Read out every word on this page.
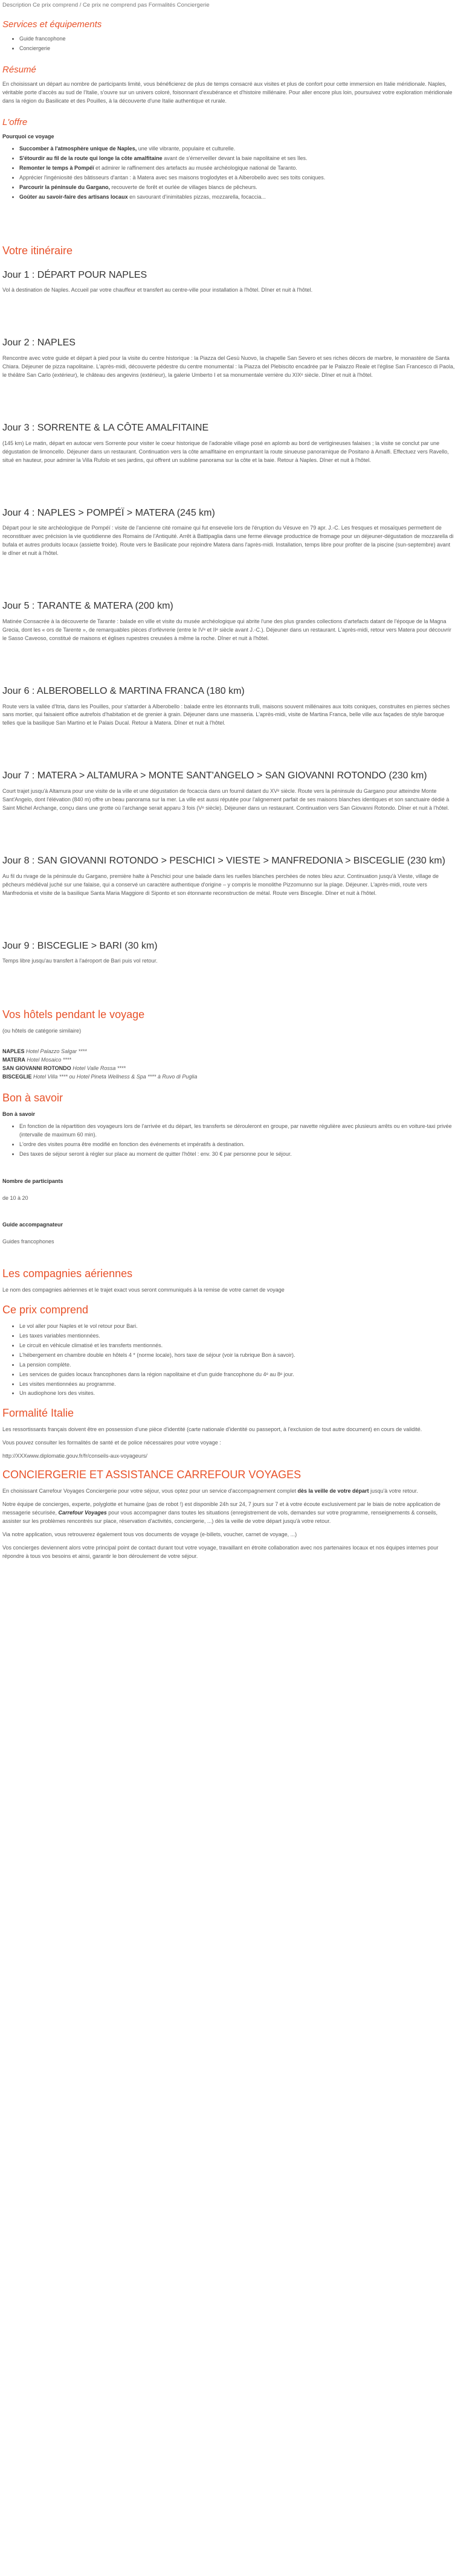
Description Ce prix comprend / Ce prix ne comprend pas Formalités Conciergerie
Services et équipements
• Guide francophone
• Conciergerie
Résumé

En choisissant un départ au nombre de participants limité, vous bénéficierez de plus de temps consacré aux visites et plus de confort pour cette immersion en Italie méridionale. Naples, véritable porte d'accès au sud de l'Italie, s'ouvre sur un univers coloré, foisonnant d'exubérance et d'histoire millénaire. Pour aller encore plus loin, poursuivez votre exploration méridionale dans la région du Basilicate et des Pouilles, à la découverte d'une Italie authentique et rurale.

L'offre
Pourquoi ce voyage
• Succomber à l'atmosphère unique de Naples, une ville vibrante, populaire et culturelle.
• S'étourdir au fil de la route qui longe la côte amalfitaine avant de s'émerveiller devant la baie napolitaine et ses îles.
• Remonter le temps à Pompéï et admirer le raffinement des artefacts au musée archéologique national de Taranto.
• Apprécier l'ingéniosité des bâtisseurs d'antan : à Matera avec ses maisons troglodytes et à Alberobello avec ses toits coniques.
• Parcourir la péninsule du Gargano, recouverte de forêt et ourlée de villages blancs de pêcheurs.
• Goûter au savoir-faire des artisans locaux en savourant d'inimitables pizzas, mozzarella, focaccia...
Votre itinéraire
Jour 1 : DÉPART POUR NAPLES

Vol à destination de Naples. Accueil par votre chauffeur et transfert au centre-ville pour installation à l'hôtel. Dîner et nuit à l'hôtel.

Jour 2 : NAPLES

Rencontre avec votre guide et départ à pied pour la visite du centre historique : la Piazza del Gesù Nuovo, la chapelle San Severo et ses riches décors de marbre, le monastère de Santa Chiara. Déjeuner de pizza napolitaine. L'après-midi, découverte pédestre du centre monumental : la Piazza del Plebiscito encadrée par le Palazzo Reale et l'église San Francesco di Paola, le théâtre San Carlo (extérieur), le château des angevins (extérieur), la galerie Umberto I et sa monumentale verrière du XIXᵉ siècle. Dîner et nuit à l'hôtel.

Jour 3 : SORRENTE & LA CÔTE AMALFITAINE

(145 km) Le matin, départ en autocar vers Sorrente pour visiter le coeur historique de l'adorable village posé en aplomb au bord de vertigineuses falaises ; la visite se conclut par une dégustation de limoncello. Déjeuner dans un restaurant. Continuation vers la côte amalfitaine en empruntant la route sinueuse panoramique de Positano à Amalfi. Effectuez vers Ravello, situé en hauteur, pour admirer la Villa Rufolo et ses jardins, qui offrent un sublime panorama sur la côte et la baie. Retour à Naples. Dîner et nuit à l'hôtel.

Jour 4 : NAPLES > POMPÉÏ > MATERA (245 km)

Départ pour le site archéologique de Pompéï : visite de l'ancienne cité romaine qui fut ensevelie lors de l'éruption du Vésuve en 79 apr. J.-C. Les fresques et mosaïques permettent de reconstituer avec précision la vie quotidienne des Romains de l'Antiquité. Arrêt à Battipaglia dans une ferme élevage productrice de fromage pour un déjeuner-dégustation de mozzarella di bufala et autres produits locaux (assiette froide). Route vers le Basilicate pour rejoindre Matera dans l'après-midi. Installation, temps libre pour profiter de la piscine (sun-septembre) avant le dîner et nuit à l'hôtel.

Jour 5 : TARANTE & MATERA (200 km)

Matinée Consacrée à la découverte de Tarante : balade en ville et visite du musée archéologique qui abrite l'une des plus grandes collections d'artefacts datant de l'époque de la Magna Grecia, dont les « ors de Tarente », de remarquables pièces d'orfèvrerie (entre le IVᵉ et IIᵉ siècle avant J.-C.). Déjeuner dans un restaurant. L'après-midi, retour vers Matera pour découvrir le Sasso Caveoso, constitué de maisons et églises rupestres creusées à même la roche. Dîner et nuit à l'hôtel.

Jour 6 : ALBEROBELLO & MARTINA FRANCA (180 km)

Route vers la vallée d'Itria, dans les Pouilles, pour s'attarder à Alberobello : balade entre les étonnants trulli, maisons souvent millénaires aux toits coniques, construites en pierres sèches sans mortier, qui faisaient office autrefois d'habitation et de grenier à grain. Déjeuner dans une masseria. L'après-midi, visite de Martina Franca, belle ville aux façades de style baroque telles que la basilique San Martino et le Palais Ducal. Retour à Matera. Dîner et nuit à l'hôtel.

Jour 7 : MATERA > ALTAMURA > MONTE SANT'ANGELO > SAN GIOVANNI ROTONDO (230 km)

Court trajet jusqu'à Altamura pour une visite de la ville et une dégustation de focaccia dans un fournil datant du XVᵉ siècle. Route vers la péninsule du Gargano pour atteindre Monte Sant'Angelo, dont l'élévation (840 m) offre un beau panorama sur la mer. La ville est aussi réputée pour l'alignement parfait de ses maisons blanches identiques et son sanctuaire dédié à Saint Michel Archange, conçu dans une grotte où l'archange serait apparu 3 fois (Vᵉ siècle). Déjeuner dans un restaurant. Continuation vers San Giovanni Rotondo. Dîner et nuit à l'hôtel.

Jour 8 : SAN GIOVANNI ROTONDO > PESCHICI > VIESTE > MANFREDONIA > BISCEGLIE (230 km)

Au fil du rivage de la péninsule du Gargano, première halte à Peschici pour une balade dans les ruelles blanches perchées de notes bleu azur. Continuation jusqu'à Vieste, village de pêcheurs médiéval juché sur une falaise, qui a conservé un caractère authentique d'origine – y compris le monolithe Pizzomunno sur la plage. Déjeuner. L'après-midi, route vers Manfredonia et visite de la basilique Santa Maria Maggiore di Siponto et son étonnante reconstruction de métal. Route vers Bisceglie. Dîner et nuit à l'hôtel.

Jour 9 : BISCEGLIE > BARI (30 km)

Temps libre jusqu'au transfert à l'aéroport de Bari puis vol retour.

Vos hôtels pendant le voyage

(ou hôtels de catégorie similaire)

NAPLES Hotel Palazzo Salgar ****
MATERA Hotel Mosaico ****
SAN GIOVANNI ROTONDO Hotel Valle Rossa ****
BISCEGLIE Hotel Villa **** ou Hotel Pineta Wellness & Spa **** à Ruvo di Puglia
Bon à savoir
Bon à savoir
• En fonction de la répartition des voyageurs lors de l'arrivée et du départ, les transferts se dérouleront en groupe, par navette régulière avec plusieurs arrêts ou en voiture-taxi privée (intervalle de maximum 60 min).
• L'ordre des visites pourra être modifié en fonction des événements et impératifs à destination.
• Des taxes de séjour seront à régler sur place au moment de quitter l'hôtel : env. 30 € par personne pour le séjour.
Nombre de participants

de 10 à 20

Guide accompagnateur

Guides francophones

Les compagnies aériennes

Le nom des compagnies aériennes et le trajet exact vous seront communiqués à la remise de votre carnet de voyage

Ce prix comprend
• Le vol aller pour Naples et le vol retour pour Bari.
• Les taxes variables mentionnées.
• Le circuit en véhicule climatisé et les transferts mentionnés.
• L'hébergement en chambre double en hôtels 4 * (norme locale), hors taxe de séjour (voir la rubrique Bon à savoir).
• La pension complète.
• Les services de guides locaux francophones dans la région napolitaine et d'un guide francophone du 4ᵉ au 8ᵉ jour.
• Les visites mentionnées au programme.
• Un audiophone lors des visites.
Formalité Italie

Les ressortissants français doivent être en possession d'une pièce d'identité (carte nationale d'identité ou passeport, à l'exclusion de tout autre document) en cours de validité.

Vous pouvez consulter les formalités de santé et de police nécessaires pour votre voyage :

http://XXXwww.diplomatie.gouv.fr/fr/conseils-aux-voyageurs/

CONCIERGERIE ET ASSISTANCE CARREFOUR VOYAGES

En choisissant Carrefour Voyages Conciergerie pour votre séjour, vous optez pour un service d'accompagnement complet dès la veille de votre départ jusqu'à votre retour.

Notre équipe de concierges, experte, polyglotte et humaine (pas de robot !) est disponible 24h sur 24, 7 jours sur 7 et à votre écoute exclusivement par le biais de notre application de messagerie sécurisée, Carrefour Voyages pour vous accompagner dans toutes les situations (enregistrement de vols, demandes sur votre programme, renseignements & conseils, assister sur les problèmes rencontrés sur place, réservation d'activités, conciergerie, ...) dès la veille de votre départ jusqu'à votre retour.

Via notre application, vous retrouverez également tous vos documents de voyage (e-billets, voucher, carnet de voyage, ...)

Vos concierges deviennent alors votre principal point de contact durant tout votre voyage, travaillant en étroite collaboration avec nos partenaires locaux et nos équipes internes pour répondre à tous vos besoins et ainsi, garantir le bon déroulement de votre séjour.
